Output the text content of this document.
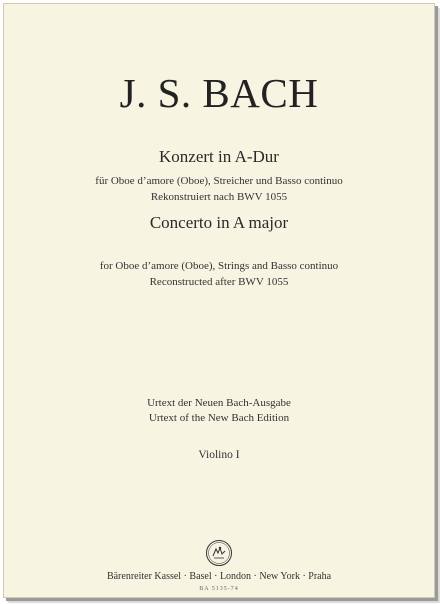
J. S. BACH
Konzert in A-Dur
für Oboe d’amore (Oboe), Streicher und Basso continuo
Rekonstruiert nach BWV 1055
Concerto in A major
for Oboe d’amore (Oboe), Strings and Basso continuo
Reconstructed after BWV 1055
Urtext der Neuen Bach-Ausgabe
Urtext of the New Bach Edition
Violino I
Bärenreiter Kassel · Basel · London · New York · Praha
BA 5135-74
